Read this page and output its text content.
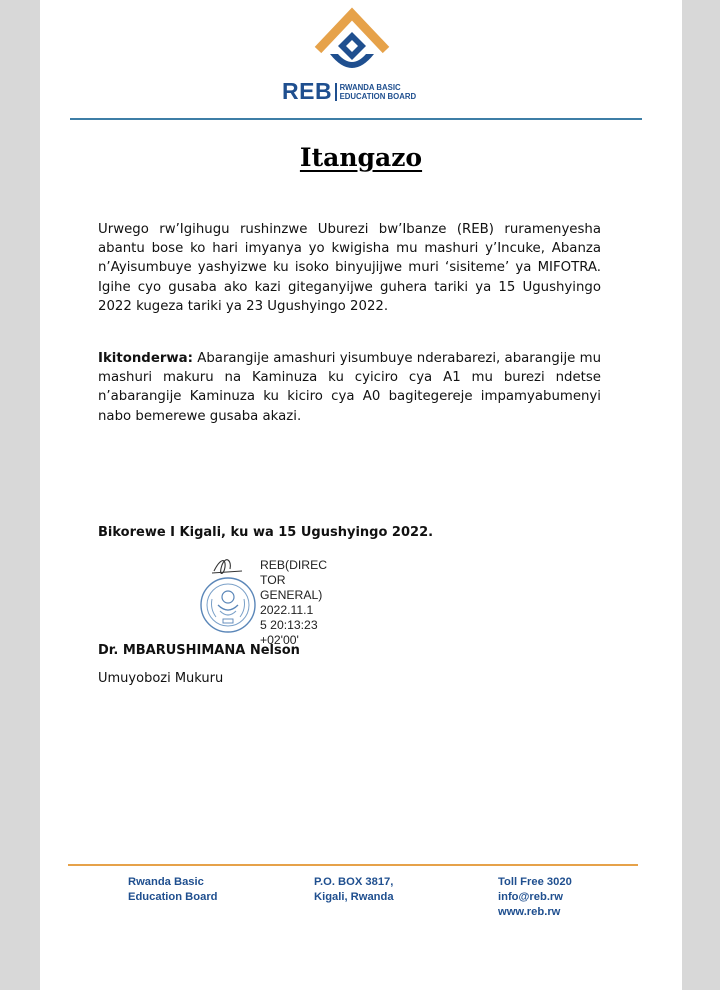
REB RWANDA BASIC
EDUCATION BOARD
Itangazo
Urwego rw’Igihugu rushinzwe Uburezi bw’Ibanze (REB) ruramenyesha abantu bose ko hari imyanya yo kwigisha mu mashuri y’Incuke, Abanza n’Ayisumbuye yashyizwe ku isoko binyujijwe muri ‘sisiteme’ ya MIFOTRA. Igihe cyo gusaba ako kazi giteganyijwe guhera tariki ya 15 Ugushyingo 2022 kugeza tariki ya 23 Ugushyingo 2022.
Ikitonderwa: Abarangije amashuri yisumbuye nderabarezi, abarangije mu mashuri makuru na Kaminuza ku cyiciro cya A1 mu burezi ndetse n’abarangije Kaminuza ku kiciro cya A0 bagitegereje impamyabumenyi nabo bemerewe gusaba akazi.
Bikorewe I Kigali, ku wa 15 Ugushyingo 2022.
REB(DIREC
TOR
GENERAL)
2022.11.1
5 20:13:23
+02'00'
Dr. MBARUSHIMANA Nelson
Umuyobozi Mukuru
Rwanda Basic
Education Board
P.O. BOX 3817,
Kigali, Rwanda
Toll Free 3020
info@reb.rw
www.reb.rw
